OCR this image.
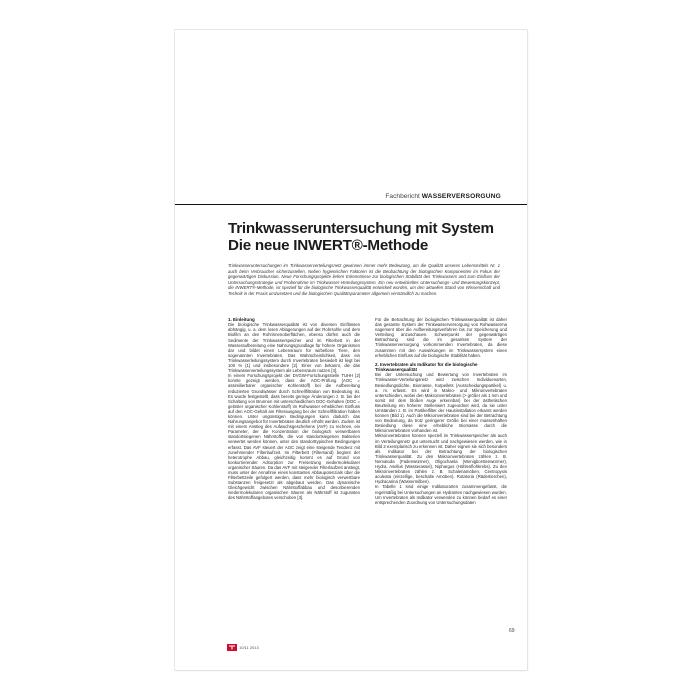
Fachbericht WASSERVERSORGUNG
Trinkwasseruntersuchung mit System
Die neue INWERT®-Methode
Trinkwasseruntersuchungen im Trinkwasserverteilungsnetz gewinnen immer mehr Bedeutung, um die Qualität unseres Lebensmittels Nr. 1 auch beim Verbraucher sicherzustellen. Neben hygienischen Faktoren ist die Beobachtung der biologischen Komponenten im Fokus der gegenwärtigen Diskussion. Neue Forschungsprojekte liefern Erkenntnisse zur biologischen Stabilität des Trinkwassers und zum Einfluss der Untersuchungsstrategie und Probenahme im Trinkwasser-Verteilungssystem. Ein neu entwickeltes Untersuchungs- und Bewertungskonzept, die INWERT®-Methode, ist speziell für die biologische Trinkwasserqualität entwickelt worden, um den aktuellen Stand von Wissenschaft und Technik in der Praxis umzusetzen und die biologischen Qualitätsparameter allgemein verständlich zu machen.
1. Einleitung

Die biologische Trinkwasserqualität ist von diversen Einflüssen abhängig, u. a. dem losen Ablagerungen auf der Rohrsohle und dem Biofilm an den Rohrinnenoberflächen, ebenso dürfen auch die Sedimente der Trinkwasserspeicher und im Filterbett in der Wasseraufbereitung eine Nahrungsgrundlage für höhere Organismen dar und bildet einen Lebensraum für wirbellose Tiere, den sogenannten Invertebraten. Das Wahrscheinlichkeit, dass ein Trinkwasserleitungssystem durch Invertebraten besiedelt ist liegt bei 100 % [1] und insbesondere [2]. Einer von bekannt, die das Trinkwasserverteilungssystem als Lebensraum nutzen [3].

In einem Forschungsprojekt der DVGW-Forschungsstelle TUHH [2] konnte gezeigt werden, dass der AOC-Prüfung (AOC = assimilierbarer organischer Kohlenstoff) bei die Aufbereitung reduzierten Grundwässer durch Schnellfiltration von Bedeutung ist. Es wurde festgestellt, dass bereits geringe Änderungen z. B. bei der Schaltung von Brunnen mit unterschiedlichem DOC-Gehalten (DOC = gelöster organischer Kohlenstoff) im Rohwasser erheblichen Einfluss auf den AOC-Gehalt am Filterausgang bei der Schnellfiltration haben können. Unter ungünstigen Bedingungen kann dadurch das Nahrungsangebot für Invertebraten deutlich erhöht werden. Zudem ist mit einem Anstieg des Aufwuchsgeschehens (AVF) zu rechnen, ein Parameter, der die Konzentration der biologisch verwertbaren standortsiegenen Nährstoffe, die von standortsiegenen Bakterien verwertet werden können, unter den standorttypischen Bedingungen erfasst. Das AVF steuert der AOC zeigt eine steigende Tendenz mit zunehmender Filterlaufzeit. Im Filterbett (Filtersand) beginnt der heterotrophe Abbau, gleichzeitig kommt es auf Grund von konkurrierender Adsorption zur Freisetzung niedermolekularer organischer Säuren. Da das AVF mit steigender Filterlaufzeit ansteigt, muss unter der Annahme eines konstanten Abbaupotenzials über die Filterbettzeile gefolgert werden, dass mehr biologisch verwertbare Substanzen freigesetzt als abgebaut werden. Das dynamische Gleichgewicht zwischen Nährstoffabbau und desorbierenden niedermolekularen organischen Säuren als Nährstoff ist zugunsten des Nährstoffangebotes verschoben [3].

Für die Betrachtung der biologischen Trinkwasserqualität ist daher das gesamte System der Trinkwasserversorgung von Rohwasserma nagement über die Aufbereitungsverfahren bis zur Speicherung und Verteilung anzuschauen. Schwerpunkt der gegenwärtigen Betrachtung sind die im gesamten System der Trinkwasserversorgung vorkommenden Invertebraten, da diese zusammen mit den Auswirkungen im Trinkwassersystem einen erheblichen Einfluss auf die biologische Stabilität haben.

2. Invertebraten als Indikator für die biologische Trinkwasserqualität

Bei der Untersuchung und Bewertung von Invertebraten im Trinkwasser-Verteilungsnetz wird zwischen Individuenarten, Besiedlungsdichte, Biomasse, Kotpellets (Ausscheidungspartikel) u. a. m. erfasst. Es wird in Makro- und Mikroinvertebraten unterschieden, wobei den Makroinvertebraten (> größer als 1 mm und somit mit dem bloßen Auge erkennbar) bei der ästhetischen Beurteilung ein höherer Stellenwert zugeordnet wird, da sie unter Umständen z. B. im Partikelfilter der Hausinstallation erkannt werden können (Bild 1). Auch die Mikroinvertebraten sind bei der Betrachtung von Bedeutung, da trotz geringerer Größe bei einer massenhaften Besiedlung diese eine erhebliche Biomasse durch die Mikroinvertebraten vorhanden ist.

Mikroinvertebraten können speziell im Trinkwasserspeicher als auch im Verteilungsnetz gut untersucht und nachgewiesen werden, wie in Bild 2 exemplarisch zu erkennen ist. Daher eignen sie sich besonders als Indikator bei der Betrachtung der biologischen Trinkwasserqualität. Zu den Makroinvertebraten zählen z. B. Nematoda (Fadenwürmer), Oligochaeta (Wenigborstenwürmer), Hydra, Asellus (Wasserassel), Niphargus (Höhlenflohkrebs). Zu den Mikroinvertebraten zählen z. B. Schalenamöben, Centropyxis aculeata (einzellige, beschalte Amöben), Rotatoria (Rädertierchen), Hydracarina (Wassermilben).

In Tabelle 1 sind einige Indikatorarten zusammengefasst, die regelmäßig bei Untersuchungen an Hydranten nachgewiesen wurden.

Um Invertebraten als Indikator verwenden zu können bedarf es einer entsprechenden Zuordnung von Untersuchungsdaten

10/11 2013
69
